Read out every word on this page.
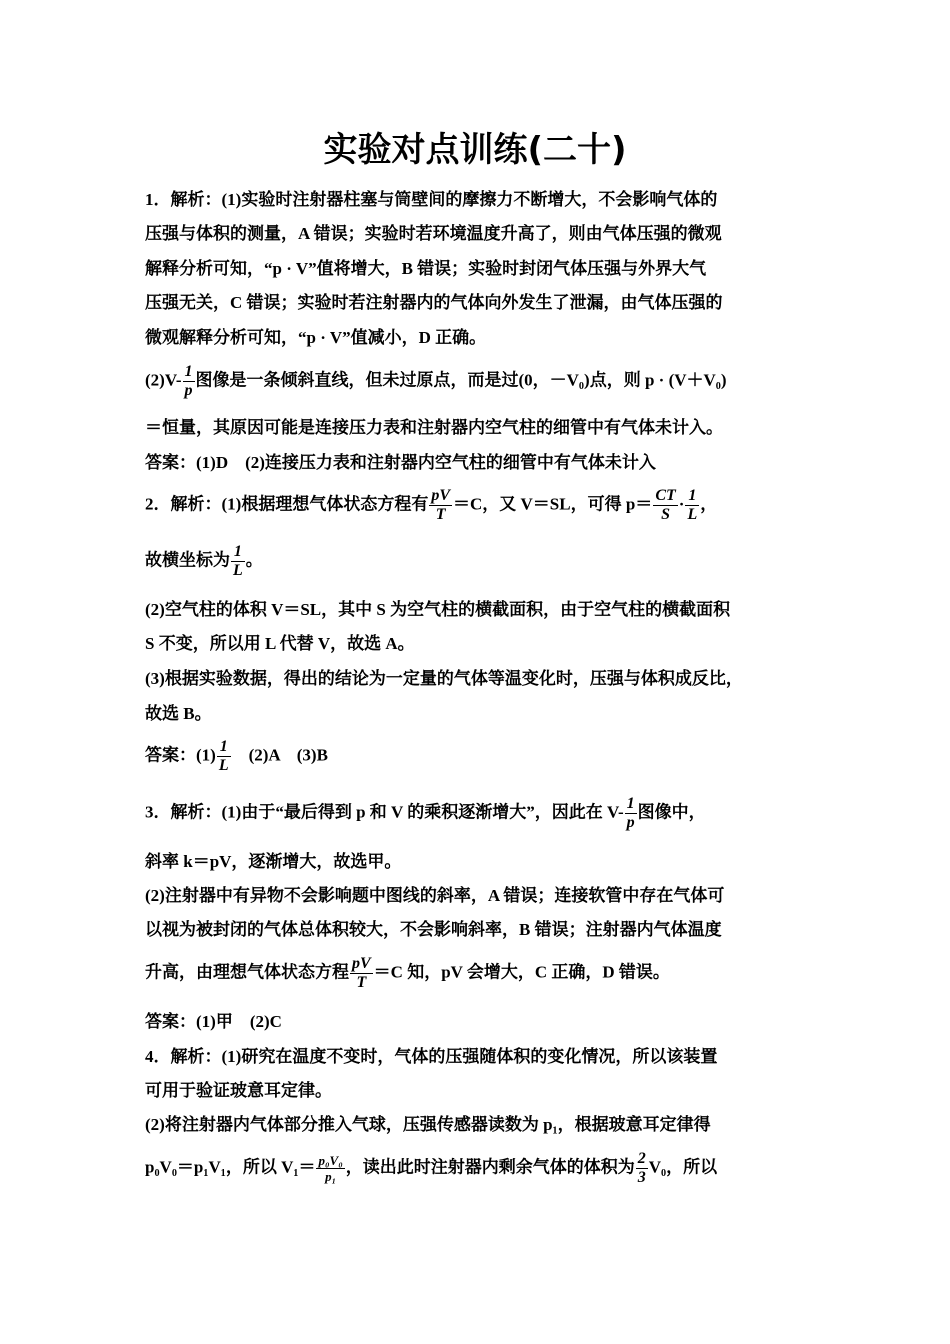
实验对点训练(二十)
1．解析：(1)实验时注射器柱塞与筒壁间的摩擦力不断增大，不会影响气体的
压强与体积的测量，A 错误；实验时若环境温度升高了，则由气体压强的微观
解释分析可知，“p · V”值将增大，B 错误；实验时封闭气体压强与外界大气
压强无关，C 错误；实验时若注射器内的气体向外发生了泄漏，由气体压强的
微观解释分析可知，“p · V”值减小，D 正确。
$(2)V- \frac{1}{p}$ 图像是一条倾斜直线，但未过原点，而是过(0，－V₀)点，则 p · (V＋V₀)
＝恒量，其原因可能是连接压力表和注射器内空气柱的细管中有气体未计入。
答案：(1)D　(2)连接压力表和注射器内空气柱的细管中有气体未计入
2．解析：(1)根据理想气体状态方程有 $\frac{pV}{T} =C$，又 V＝SL，可得 $p= \frac{CT}{S} \cdot \frac{1}{L}$ ，
故横坐标为 $\frac{1}{L}$ 。
(2)空气柱的体积 V＝SL，其中 S 为空气柱的横截面积，由于空气柱的横截面积
S 不变，所以用 L 代替 V，故选 A。
(3)根据实验数据，得出的结论为一定量的气体等温变化时，压强与体积成反比，
故选 B。
答案：$(1) \frac{1}{L}$ 　(2)A　(3)B
3．解析：(1)由于“最后得到 p 和 V 的乘积逐渐增大”，因此在 $V- \frac{1}{p}$ 图像中，
斜率 k＝pV，逐渐增大，故选甲。
(2)注射器中有异物不会影响题中图线的斜率，A 错误；连接软管中存在气体可
以视为被封闭的气体总体积较大，不会影响斜率，B 错误；注射器内气体温度
升高，由理想气体状态方程 $\frac{pV}{T} =C$ 知，pV 会增大，C 正确，D 错误。
答案：(1)甲　(2)C
4．解析：(1)研究在温度不变时，气体的压强随体积的变化情况，所以该装置
可用于验证玻意耳定律。
(2)将注射器内气体部分推入气球，压强传感器读数为 p₁，根据玻意耳定律得
p₀V₀＝p₁V₁，所以 $V_1= \frac{\text{p₀V₀}}{\text{p₁}}$ ，读出此时注射器内剩余气体的体积为 $\frac{2}{3} V_0$，所以
